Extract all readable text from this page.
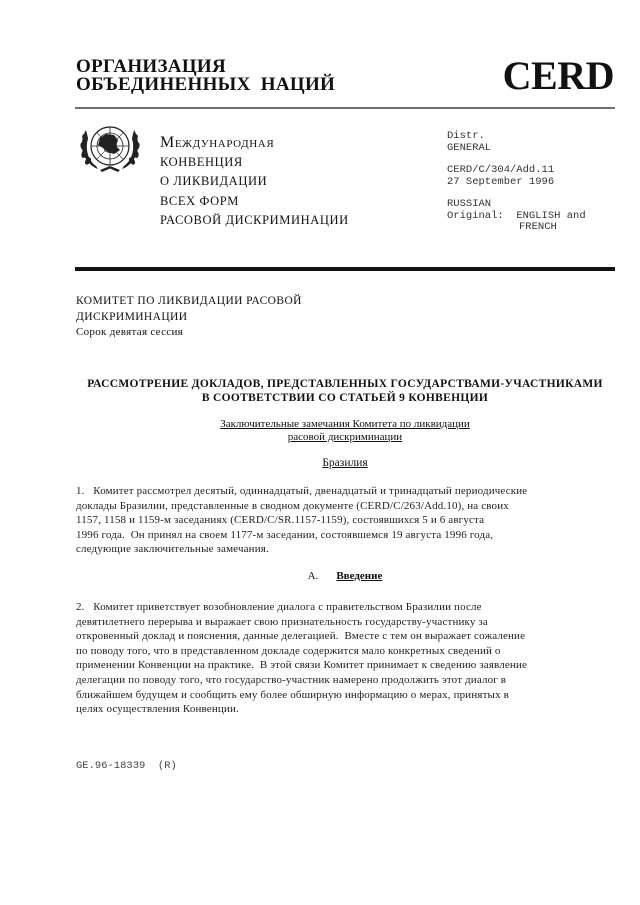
ОРГАНИЗАЦИЯ
ОБЪЕДИНЕННЫХ  НАЦИЙ	CERD
Международная
КОНВЕНЦИЯ
О ЛИКВИДАЦИИ
ВСЕХ ФОРМ
РАСОВОЙ ДИСКРИМИНАЦИИ
Distr.
GENERAL
CERD/C/304/Add.11
27 September 1996
RUSSIAN
Original: ENGLISH and
FRENCH
КОМИТЕТ ПО ЛИКВИДАЦИИ РАСОВОЙ
ДИСКРИМИНАЦИИ
Сорок девятая сессия
РАССМОТРЕНИЕ ДОКЛАДОВ, ПРЕДСТАВЛЕННЫХ ГОСУДАРСТВАМИ-УЧАСТНИКАМИ
В СООТВЕТСТВИИ СО СТАТЬЕЙ 9 КОНВЕНЦИИ
Заключительные замечания Комитета по ликвидации
расовой дискриминации
Бразилия
1.   Комитет рассмотрел десятый, одиннадцатый, двенадцатый и тринадцатый периодические
доклады Бразилии, представленные в сводном документе (CERD/C/263/Add.10), на своих
1157, 1158 и 1159-м заседаниях (CERD/C/SR.1157-1159), состоявшихся 5 и 6 августа
1996 года.  Он принял на своем 1177-м заседании, состоявшемся 19 августа 1996 года,
следующие заключительные замечания.
A. Введение
2.   Комитет приветствует возобновление диалога с правительством Бразилии после
девятилетнего перерыва и выражает свою признательность государству-участнику за
откровенный доклад и пояснения, данные делегацией.  Вместе с тем он выражает сожаление
по поводу того, что в представленном докладе содержится мало конкретных сведений о
применении Конвенции на практике.  В этой связи Комитет принимает к сведению заявление
делегации по поводу того, что государство-участник намерено продолжить этот диалог в
ближайшем будущем и сообщить ему более обширную информацию о мерах, принятых в
целях осуществления Конвенции.
GE.96-18339  (R)
